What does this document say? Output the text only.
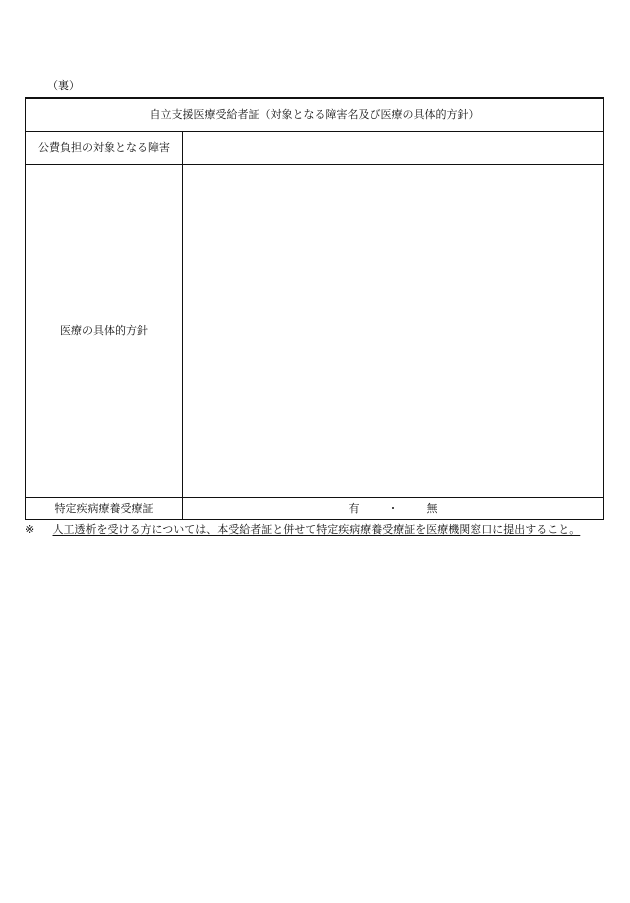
（裏）
自立支援医療受給者証（対象となる障害名及び医療の具体的方針）	
公費負担の対象となる障害	
医療の具体的方針	
特定疾病療養受療証	有 ・ 無
※ 人工透析を受ける方については、本受給者証と併せて特定疾病療養受療証を医療機関窓口に提出すること。
